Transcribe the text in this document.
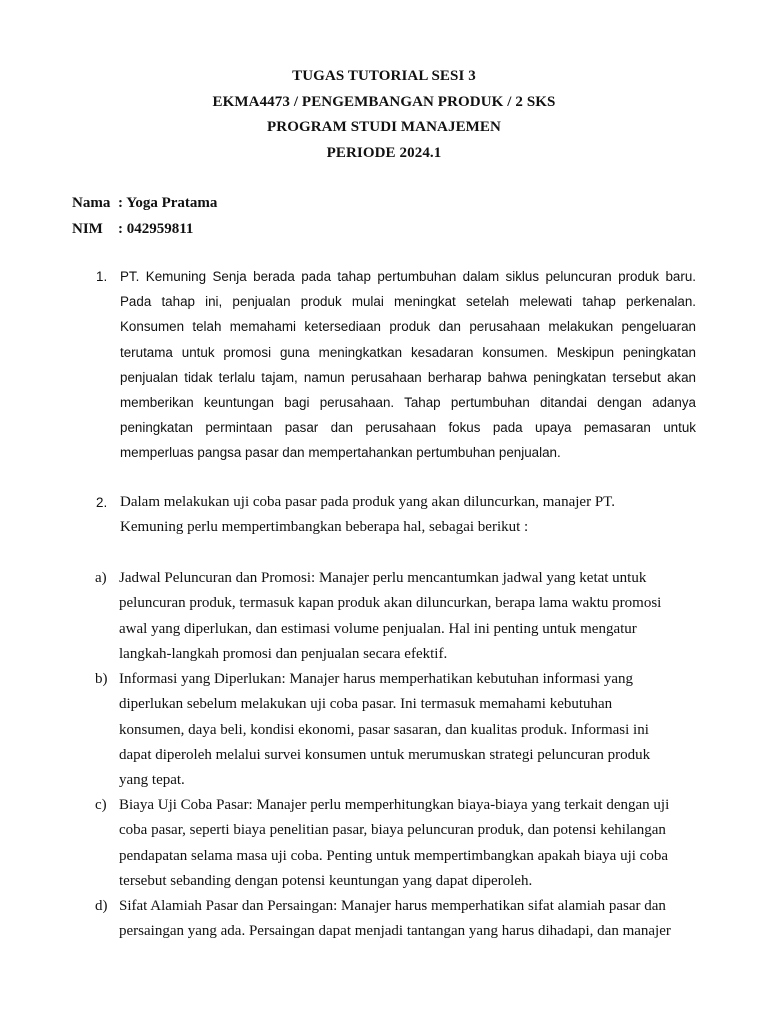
TUGAS TUTORIAL SESI 3
EKMA4473 / PENGEMBANGAN PRODUK / 2 SKS
PROGRAM STUDI MANAJEMEN
PERIODE 2024.1
Nama : Yoga Pratama
NIM : 042959811
1. PT. Kemuning Senja berada pada tahap pertumbuhan dalam siklus peluncuran produk baru.
Pada tahap ini, penjualan produk mulai meningkat setelah melewati tahap perkenalan.
Konsumen telah memahami ketersediaan produk dan perusahaan melakukan pengeluaran
terutama untuk promosi guna meningkatkan kesadaran konsumen. Meskipun peningkatan
penjualan tidak terlalu tajam, namun perusahaan berharap bahwa peningkatan tersebut akan
memberikan keuntungan bagi perusahaan. Tahap pertumbuhan ditandai dengan adanya
peningkatan permintaan pasar dan perusahaan fokus pada upaya pemasaran untuk
memperluas pangsa pasar dan mempertahankan pertumbuhan penjualan.
2. Dalam melakukan uji coba pasar pada produk yang akan diluncurkan, manajer PT.
Kemuning perlu mempertimbangkan beberapa hal, sebagai berikut :
a) Jadwal Peluncuran dan Promosi: Manajer perlu mencantumkan jadwal yang ketat untuk
peluncuran produk, termasuk kapan produk akan diluncurkan, berapa lama waktu promosi
awal yang diperlukan, dan estimasi volume penjualan. Hal ini penting untuk mengatur
langkah-langkah promosi dan penjualan secara efektif.
b) Informasi yang Diperlukan: Manajer harus memperhatikan kebutuhan informasi yang
diperlukan sebelum melakukan uji coba pasar. Ini termasuk memahami kebutuhan
konsumen, daya beli, kondisi ekonomi, pasar sasaran, dan kualitas produk. Informasi ini
dapat diperoleh melalui survei konsumen untuk merumuskan strategi peluncuran produk
yang tepat.
c) Biaya Uji Coba Pasar: Manajer perlu memperhitungkan biaya-biaya yang terkait dengan uji
coba pasar, seperti biaya penelitian pasar, biaya peluncuran produk, dan potensi kehilangan
pendapatan selama masa uji coba. Penting untuk mempertimbangkan apakah biaya uji coba
tersebut sebanding dengan potensi keuntungan yang dapat diperoleh.
d) Sifat Alamiah Pasar dan Persaingan: Manajer harus memperhatikan sifat alamiah pasar dan
persaingan yang ada. Persaingan dapat menjadi tantangan yang harus dihadapi, dan manajer
